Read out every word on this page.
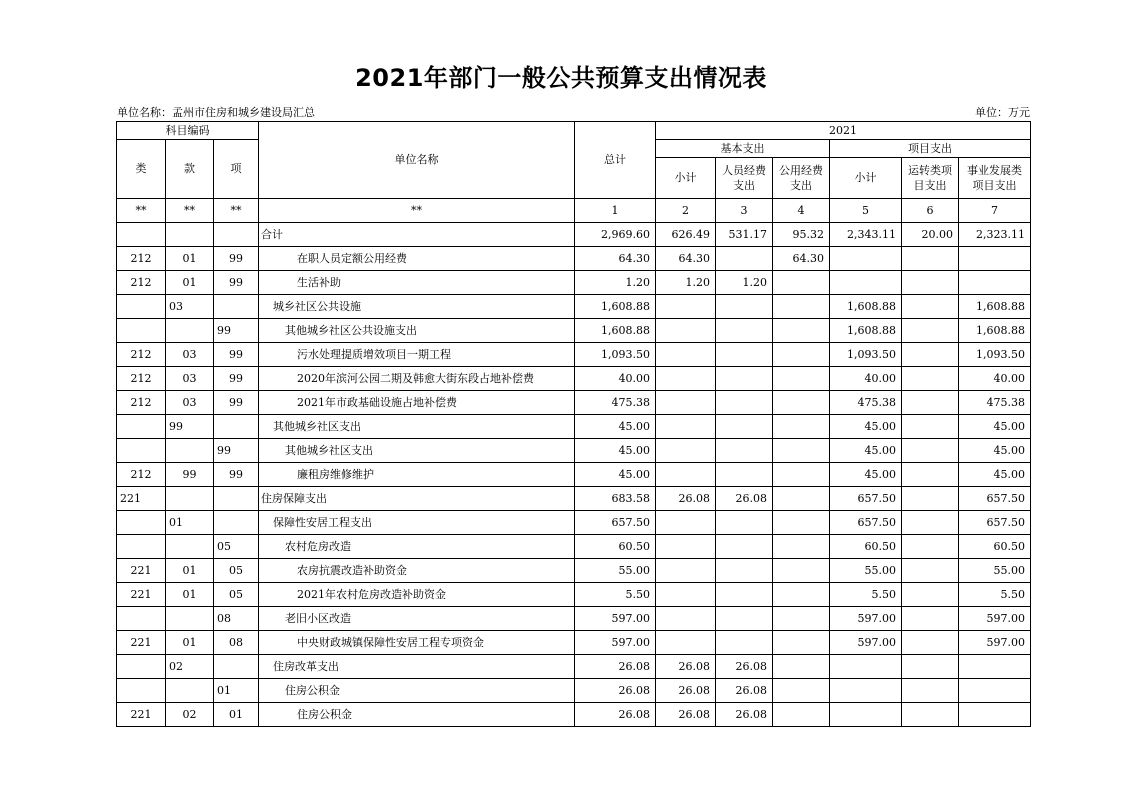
2021年部门一般公共预算支出情况表
单位名称：孟州市住房和城乡建设局汇总	单位：万元
科目编码			单位名称	总计	2021					
类	款	项			基本支出			项目支出		
					小计	人员经费支出	公用经费支出	小计	运转类项目支出	事业发展类项目支出
**	**	**	**	1	2	3	4	5	6	7
			合计	2,969.60	626.49	531.17	95.32	2,343.11	20.00	2,323.11
212	01	99	在职人员定额公用经费	64.30	64.30		64.30			
212	01	99	生活补助	1.20	1.20	1.20				
	03		城乡社区公共设施	1,608.88				1,608.88		1,608.88
		99	其他城乡社区公共设施支出	1,608.88				1,608.88		1,608.88
212	03	99	污水处理提质增效项目一期工程	1,093.50				1,093.50		1,093.50
212	03	99	2020年滨河公园二期及韩愈大街东段占地补偿费	40.00				40.00		40.00
212	03	99	2021年市政基础设施占地补偿费	475.38				475.38		475.38
	99		其他城乡社区支出	45.00				45.00		45.00
		99	其他城乡社区支出	45.00				45.00		45.00
212	99	99	廉租房维修维护	45.00				45.00		45.00
221			住房保障支出	683.58	26.08	26.08		657.50		657.50
	01		保障性安居工程支出	657.50				657.50		657.50
		05	农村危房改造	60.50				60.50		60.50
221	01	05	农房抗震改造补助资金	55.00				55.00		55.00
221	01	05	2021年农村危房改造补助资金	5.50				5.50		5.50
		08	老旧小区改造	597.00				597.00		597.00
221	01	08	中央财政城镇保障性安居工程专项资金	597.00				597.00		597.00
	02		住房改革支出	26.08	26.08	26.08				
		01	住房公积金	26.08	26.08	26.08				
221	02	01	住房公积金	26.08	26.08	26.08				
